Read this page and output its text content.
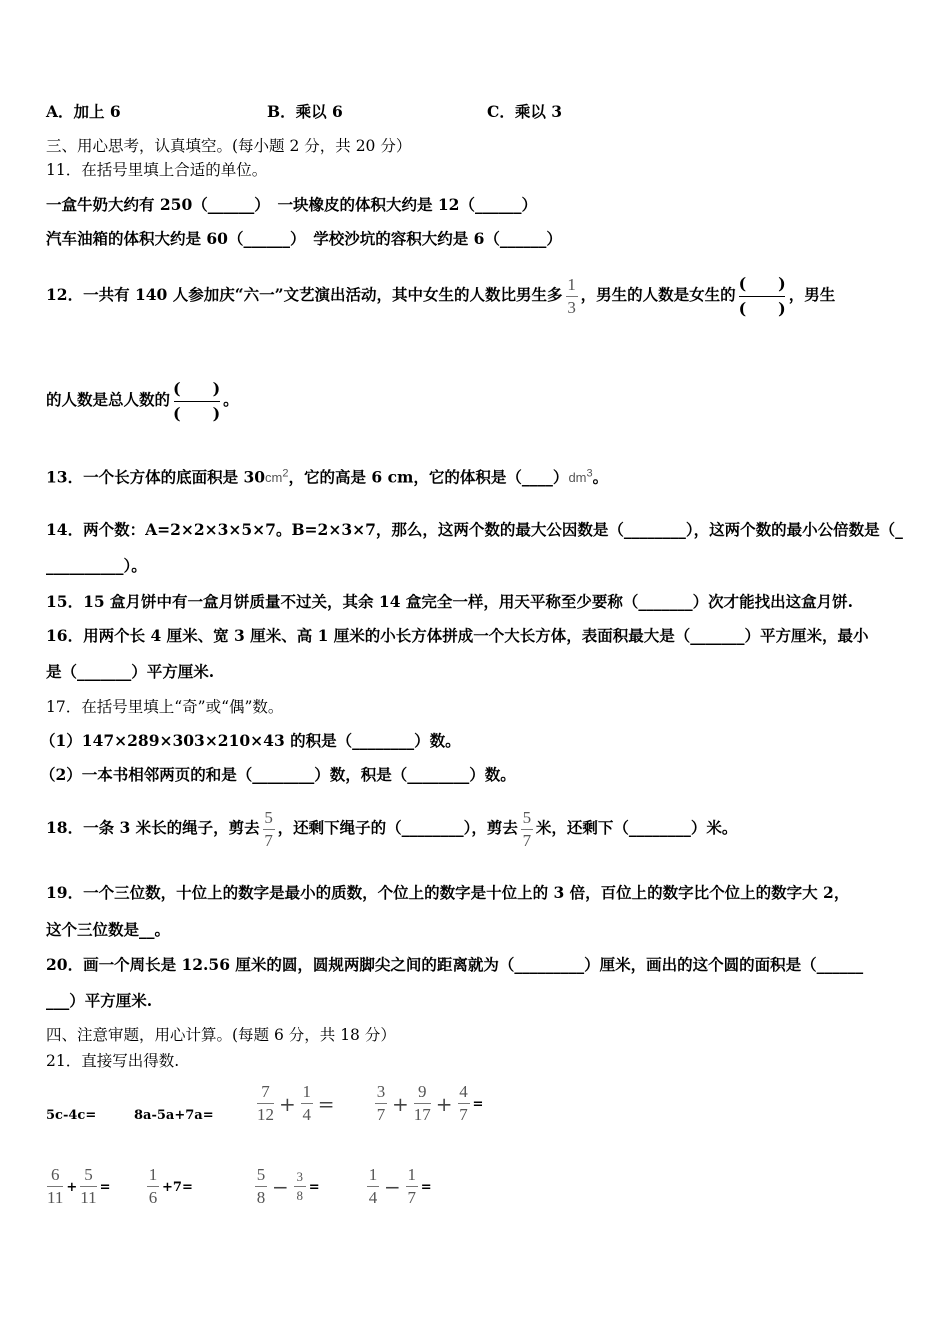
A．加上 6	B．乘以 6	C．乘以 3
三、用心思考，认真填空。(每小题 2 分，共 20 分）
11．在括号里填上合适的单位。
一盒牛奶大约有 250（______）　一块橡皮的体积大约是 12（______）
汽车油箱的体积大约是 60（______）　学校沙坑的容积大约是 6（______）
12．一共有 140 人参加庆“六一”文艺演出活动，其中女生的人数比男生多 $\frac{1}{3}$ ，男生的人数是女生的
(　　)
(　　)
，男生
的人数是总人数的
(　　)
(　　)
。
13．一个长方体的底面积是 $30cm^2$，它的高是 6 cm，它的体积是$(\_\_\_\_)dm^3$。
14．两个数：A=2×2×3×5×7。B=2×3×7，那么，这两个数的最大公因数是（________），这两个数的最小公倍数是（_
__________）。
15．15 盒月饼中有一盒月饼质量不过关，其余 14 盒完全一样，用天平称至少要称（_______）次才能找出这盒月饼.
16．用两个长 4 厘米、宽 3 厘米、高 1 厘米的小长方体拼成一个大长方体，表面积最大是（_______）平方厘米，最小
是（_______）平方厘米.
17．在括号里填上“奇”或“偶”数。
（1）147×289×303×210×43 的积是（________）数。
（2）一本书相邻两页的和是（________）数，积是（________）数。
18．一条 3 米长的绳子，剪去 $\frac{5}{7}$ ，还剩下绳子的（________），剪去 $\frac{5}{7}$ 米，还剩下（________）米。
19．一个三位数，十位上的数字是最小的质数，个位上的数字是十位上的 3 倍，百位上的数字比个位上的数字大 2，
这个三位数是__。
20．画一个周长是 12.56 厘米的圆，圆规两脚尖之间的距离就为（_________）厘米，画出的这个圆的面积是（______
___）平方厘米.
四、注意审题，用心计算。(每题 6 分，共 18 分）
21．直接写出得数.
5c-4c=	8a-5a+7a=	$\frac{7}{12} + \frac{1}{4} = \frac{3}{7} + \frac{9}{17} + \frac{4}{7}$ =
$\frac{6}{11} + \frac{5}{11} = \frac{1}{6} +7=$	$\frac{5}{8} - \frac{3}{8}$ =	$\frac{1}{4} - \frac{1}{7}$ =
